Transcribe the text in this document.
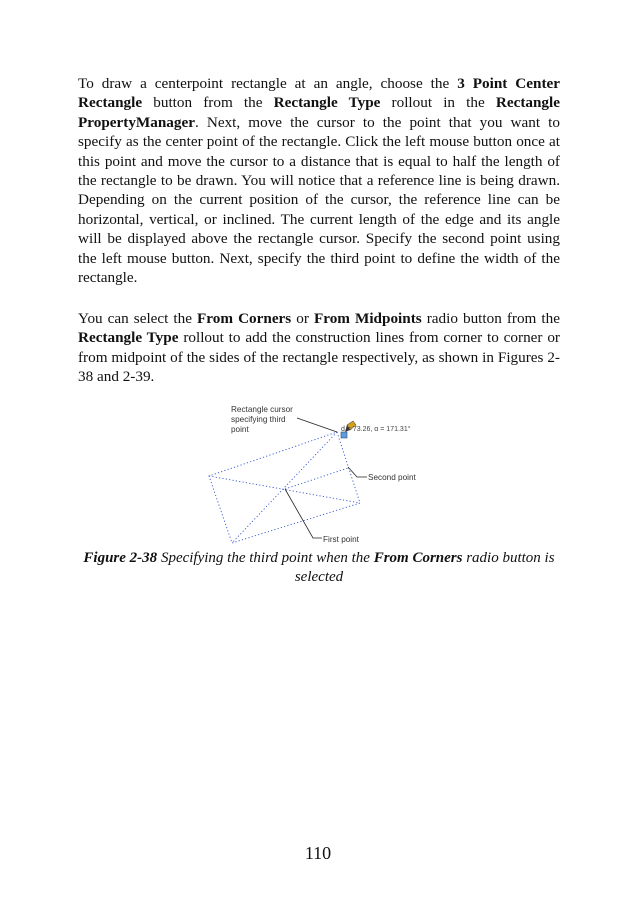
To draw a centerpoint rectangle at an angle, choose the 3 Point Center Rectangle button from the Rectangle Type rollout in the Rectangle PropertyManager. Next, move the cursor to the point that you want to specify as the center point of the rectangle. Click the left mouse button once at this point and move the cursor to a distance that is equal to half the length of the rectangle to be drawn. You will notice that a reference line is being drawn. Depending on the current position of the cursor, the reference line can be horizontal, vertical, or inclined. The current length of the edge and its angle will be displayed above the rectangle cursor. Specify the second point using the left mouse button. Next, specify the third point to define the width of the rectangle.

You can select the From Corners or From Midpoints radio button from the Rectangle Type rollout to add the construction lines from corner to corner or from midpoint of the sides of the rectangle respectively, as shown in Figures 2-38 and 2-39.

Rectangle cursor
specifying third
point	d = 73.26, α = 171.31°
Second point
First point

Figure 2-38 Specifying the third point when the From Corners radio button is selected

110
